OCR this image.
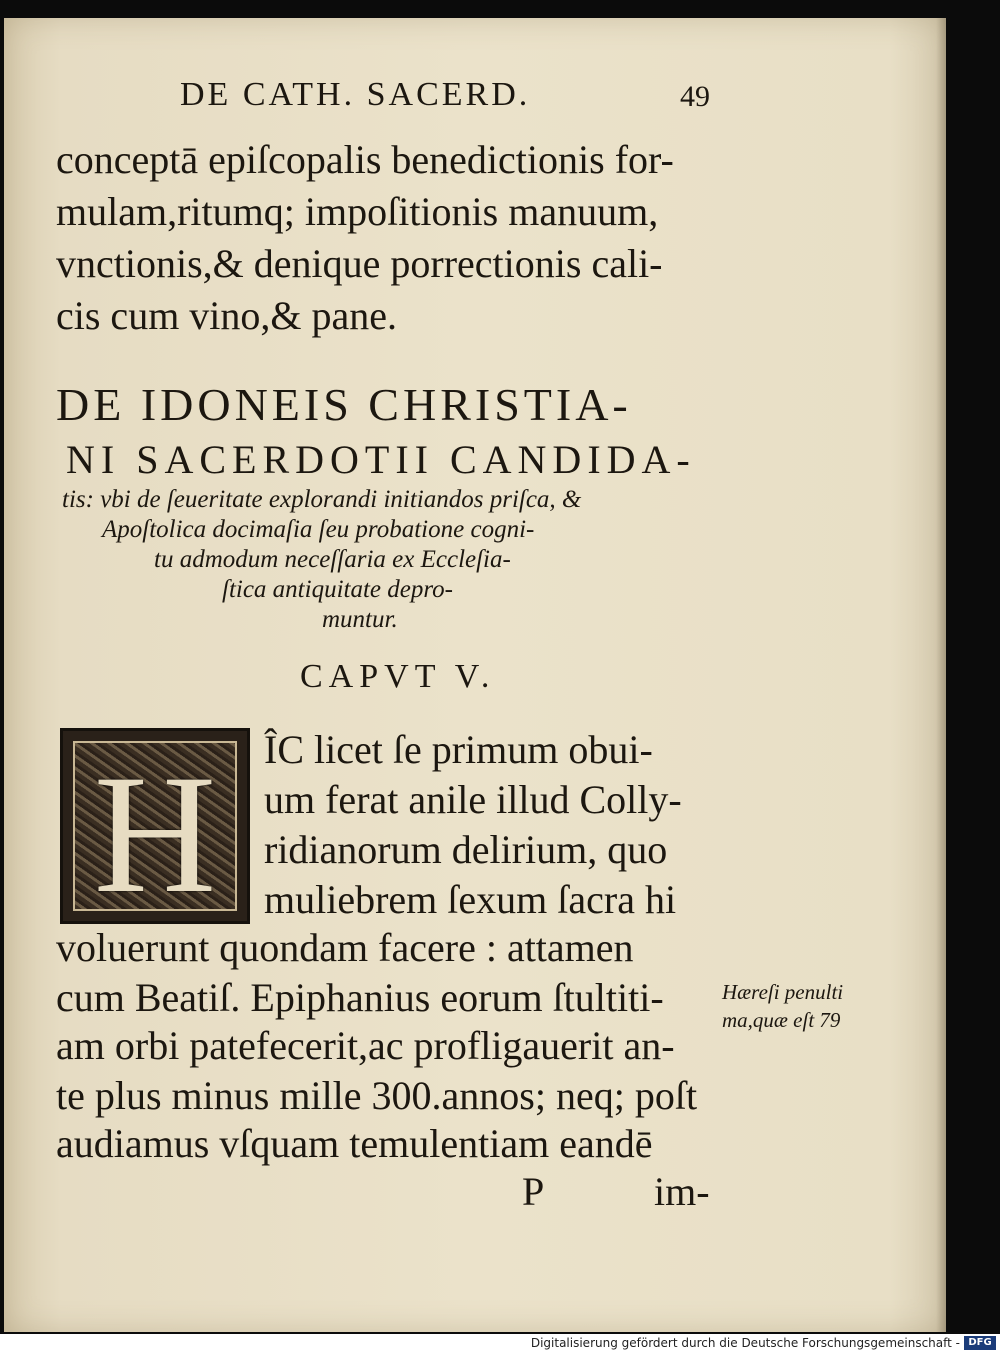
DE CATH. SACERD.	49
conceptā epiſcopalis benedictionis for-
mulam,ritumq; impoſitionis manuum,
vnctionis,& denique porrectionis cali-
cis cum vino,& pane.
DE IDONEIS CHRISTIA-
NI SACERDOTII CANDIDA-
tis: vbi de ſeueritate explorandi initiandos priſca, &
Apoſtolica docimaſia ſeu probatione cogni-
tu admodum neceſſaria ex Eccleſia-
ſtica antiquitate depro-
muntur.
CAPVT V.
H	ÎC licet ſe primum obui-
um ferat anile illud Colly-
ridianorum delirium, quo
muliebrem ſexum ſacra hi
voluerunt quondam facere : attamen
cum Beatiſ. Epiphanius eorum ſtultiti-
am orbi patefecerit,ac profligauerit an-
te plus minus mille 300.annos; neq; poſt
audiamus vſquam temulentiam eandē
P	im-
Hæreſi penulti
ma,quæ eſt 79
Digitalisierung gefördert durch die Deutsche Forschungsgemeinschaft - DFG
